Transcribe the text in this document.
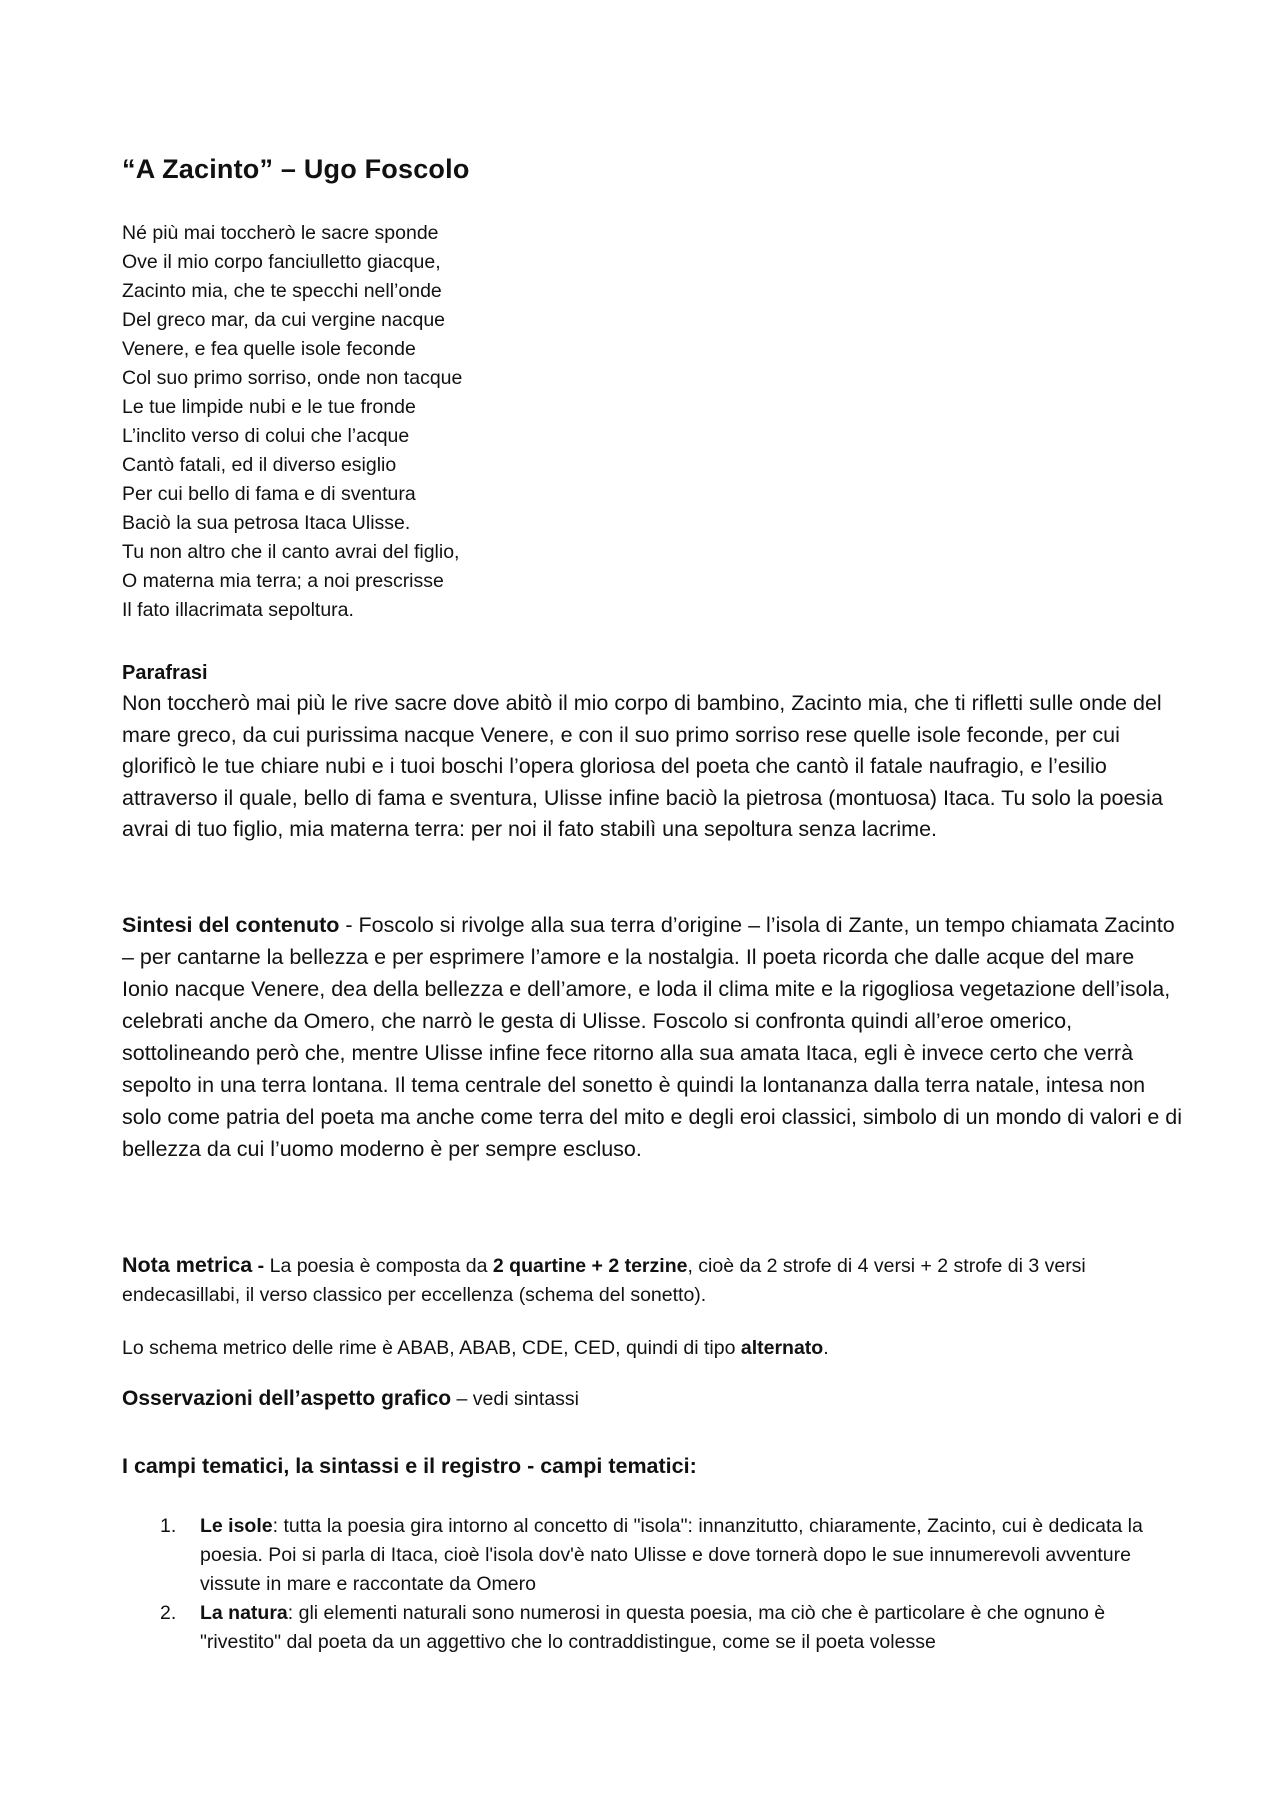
“A Zacinto” – Ugo Foscolo
Né più mai toccherò le sacre sponde
Ove il mio corpo fanciulletto giacque,
Zacinto mia, che te specchi nell’onde
Del greco mar, da cui vergine nacque
Venere, e fea quelle isole feconde
Col suo primo sorriso, onde non tacque
Le tue limpide nubi e le tue fronde
L’inclito verso di colui che l’acque
Cantò fatali, ed il diverso esiglio
Per cui bello di fama e di sventura
Baciò la sua petrosa Itaca Ulisse.
Tu non altro che il canto avrai del figlio,
O materna mia terra; a noi prescrisse
Il fato illacrimata sepoltura.
Parafrasi
Non toccherò mai più le rive sacre dove abitò il mio corpo di bambino, Zacinto mia, che ti rifletti sulle onde del mare greco, da cui purissima nacque Venere, e con il suo primo sorriso rese quelle isole feconde, per cui glorificò le tue chiare nubi e i tuoi boschi l’opera gloriosa del poeta che cantò il fatale naufragio, e l’esilio attraverso il quale, bello di fama e sventura, Ulisse infine baciò la pietrosa (montuosa) Itaca. Tu solo la poesia avrai di tuo figlio, mia materna terra: per noi il fato stabilì una sepoltura senza lacrime.

Sintesi del contenuto - Foscolo si rivolge alla sua terra d’origine – l’isola di Zante, un tempo chiamata Zacinto – per cantarne la bellezza e per esprimere l’amore e la nostalgia. Il poeta ricorda che dalle acque del mare Ionio nacque Venere, dea della bellezza e dell’amore, e loda il clima mite e la rigogliosa vegetazione dell’isola, celebrati anche da Omero, che narrò le gesta di Ulisse. Foscolo si confronta quindi all’eroe omerico, sottolineando però che, mentre Ulisse infine fece ritorno alla sua amata Itaca, egli è invece certo che verrà sepolto in una terra lontana. Il tema centrale del sonetto è quindi la lontananza dalla terra natale, intesa non solo come patria del poeta ma anche come terra del mito e degli eroi classici, simbolo di un mondo di valori e di bellezza da cui l’uomo moderno è per sempre escluso.

Nota metrica - La poesia è composta da 2 quartine + 2 terzine, cioè da 2 strofe di 4 versi + 2 strofe di 3 versi endecasillabi, il verso classico per eccellenza (schema del sonetto).

Lo schema metrico delle rime è ABAB, ABAB, CDE, CED, quindi di tipo alternato.

Osservazioni dell’aspetto grafico – vedi sintassi

I campi tematici, la sintassi e il registro - campi tematici:

1. Le isole: tutta la poesia gira intorno al concetto di "isola": innanzitutto, chiaramente, Zacinto, cui è dedicata la poesia. Poi si parla di Itaca, cioè l'isola dov'è nato Ulisse e dove tornerà dopo le sue innumerevoli avventure vissute in mare e raccontate da Omero
2. La natura: gli elementi naturali sono numerosi in questa poesia, ma ciò che è particolare è che ognuno è "rivestito" dal poeta da un aggettivo che lo contraddistingue, come se il poeta volesse
